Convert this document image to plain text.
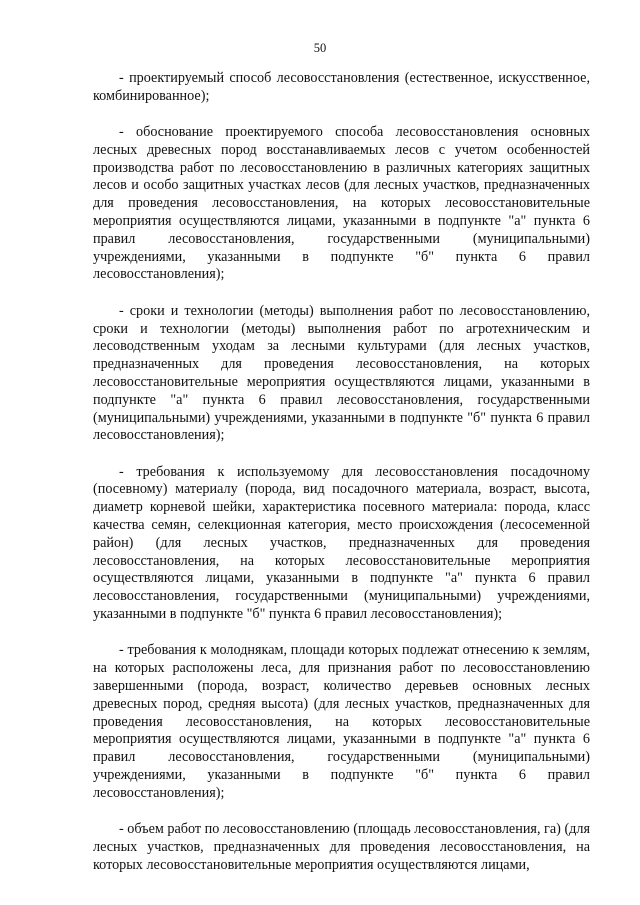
50

- проектируемый способ лесовосстановления (естественное, искусственное, комбинированное);

- обоснование проектируемого способа лесовосстановления основных лесных древесных пород восстанавливаемых лесов с учетом особенностей производства работ по лесовосстановлению в различных категориях защитных лесов и особо защитных участках лесов (для лесных участков, предназначенных для проведения лесовосстановления, на которых лесовосстановительные мероприятия осуществляются лицами, указанными в подпункте "а" пункта 6 правил лесовосстановления, государственными (муниципальными) учреждениями, указанными в подпункте "б" пункта 6 правил лесовосстановления);

- сроки и технологии (методы) выполнения работ по лесовосстановлению, сроки и технологии (методы) выполнения работ по агротехническим и лесоводственным уходам за лесными культурами (для лесных участков, предназначенных для проведения лесовосстановления, на которых лесовосстановительные мероприятия осуществляются лицами, указанными в подпункте "а" пункта 6 правил лесовосстановления, государственными (муниципальными) учреждениями, указанными в подпункте "б" пункта 6 правил лесовосстановления);

- требования к используемому для лесовосстановления посадочному (посевному) материалу (порода, вид посадочного материала, возраст, высота, диаметр корневой шейки, характеристика посевного материала: порода, класс качества семян, селекционная категория, место происхождения (лесосеменной район) (для лесных участков, предназначенных для проведения лесовосстановления, на которых лесовосстановительные мероприятия осуществляются лицами, указанными в подпункте "а" пункта 6 правил лесовосстановления, государственными (муниципальными) учреждениями, указанными в подпункте "б" пункта 6 правил лесовосстановления);

- требования к молоднякам, площади которых подлежат отнесению к землям, на которых расположены леса, для признания работ по лесовосстановлению завершенными (порода, возраст, количество деревьев основных лесных древесных пород, средняя высота) (для лесных участков, предназначенных для проведения лесовосстановления, на которых лесовосстановительные мероприятия осуществляются лицами, указанными в подпункте "а" пункта 6 правил лесовосстановления, государственными (муниципальными) учреждениями, указанными в подпункте "б" пункта 6 правил лесовосстановления);

- объем работ по лесовосстановлению (площадь лесовосстановления, га) (для лесных участков, предназначенных для проведения лесовосстановления, на которых лесовосстановительные мероприятия осуществляются лицами,
